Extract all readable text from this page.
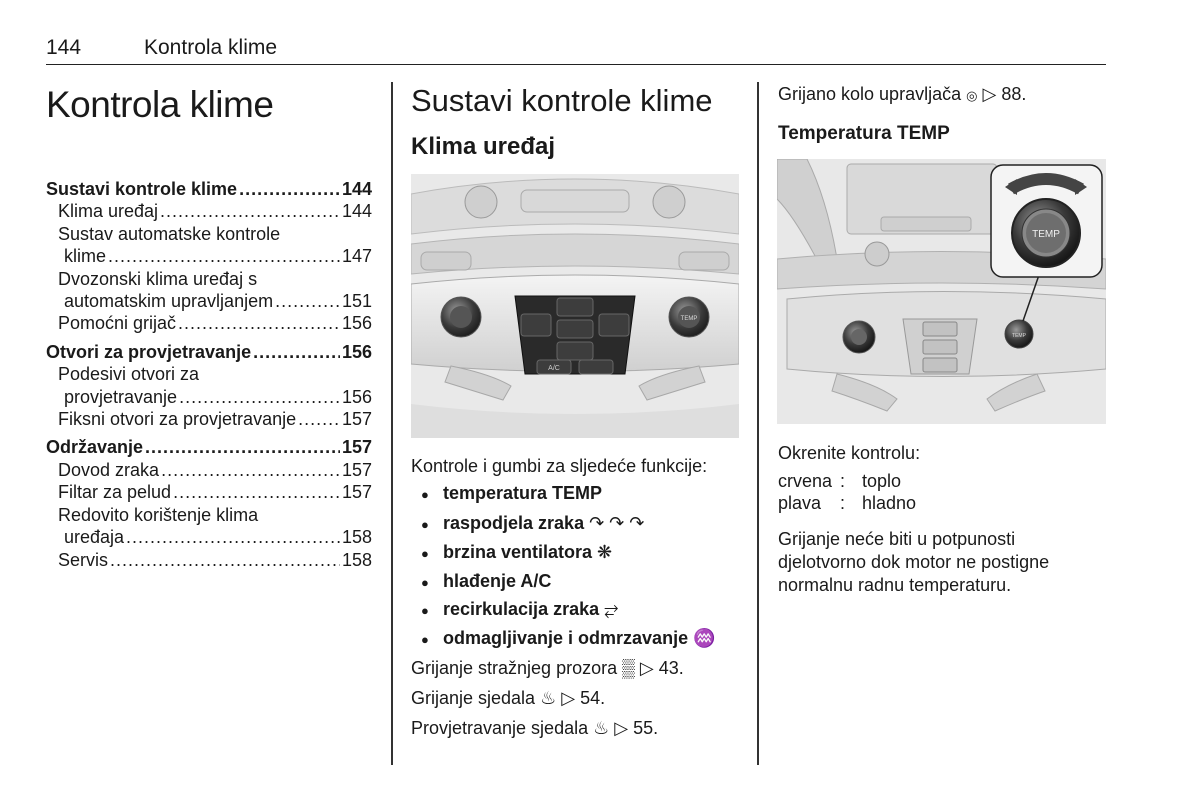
144	Kontrola klime
Kontrola klime
Sustavi kontrole klime .....	144
Klima uređaj .....	144
Sustav automatske kontrole
klime .....	147
Dvozonski klima uređaj s
automatskim upravljanjem .....	151
Pomoćni grijač .....	156
Otvori za provjetravanje .....	156
Podesivi otvori za
provjetravanje .....	156
Fiksni otvori za provjetravanje .....	157
Održavanje .....	157
Dovod zraka .....	157
Filtar za pelud .....	157
Redovito korištenje klima
uređaja .....	158
Servis .....	158
Sustavi kontrole klime
Klima uređaj
TEMP
A/C
Kontrole i gumbi za sljedeće funkcije:
● temperatura TEMP
● raspodjela zraka ↷ ↷ ↷
● brzina ventilatora ❋
● hlađenje A/C
● recirkulacija zraka ⥂
● odmagljivanje i odmrzavanje ♒
Grijanje stražnjeg prozora ▒ ▷ 43.
Grijanje sjedala ♨ ▷ 54.
Provjetravanje sjedala ♨ ▷ 55.
Grijano kolo upravljača ◎ ▷ 88.
Temperatura TEMP
TEMP
TEMP
Okrenite kontrolu:
crvena : toplo
plava : hladno
Grijanje neće biti u potpunosti
djelotvorno dok motor ne postigne
normalnu radnu temperaturu.
